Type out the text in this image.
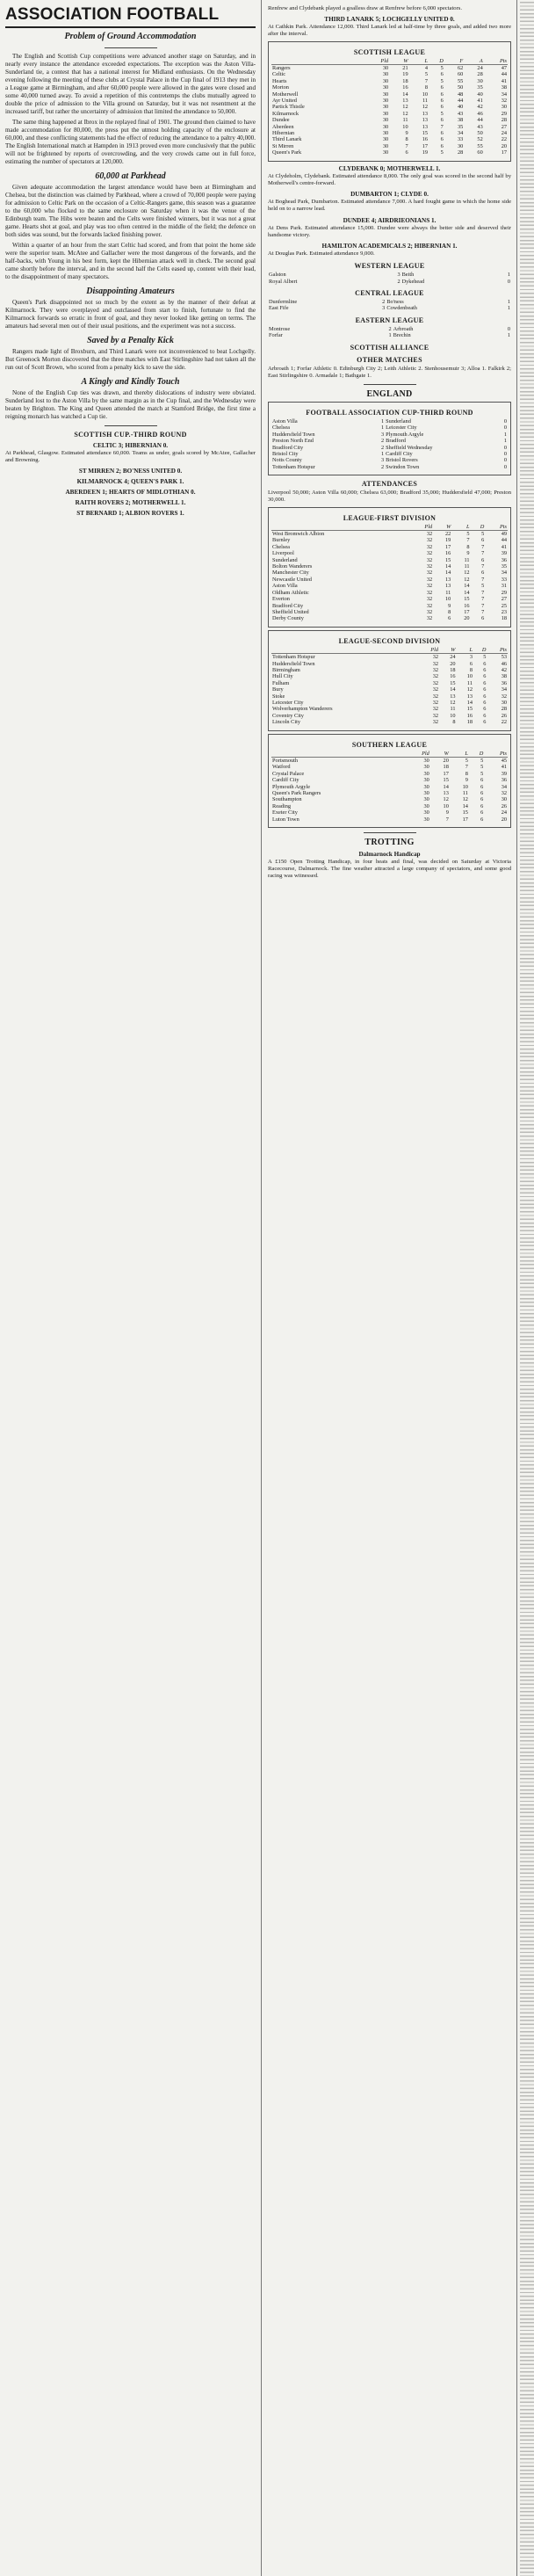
ASSOCIATION FOOTBALL
Problem of Ground Accommodation

The English and Scottish Cup competitions were advanced another stage on Saturday, and in nearly every instance the attendance exceeded expectations. The exception was the Aston Villa-Sunderland tie, a contest that has a national interest for Midland enthusiasts. On the Wednesday evening following the meeting of these clubs at Crystal Palace in the Cup final of 1913 they met in a League game at Birmingham, and after 60,000 people were allowed in the gates were closed and some 40,000 turned away. To avoid a repetition of this contretemps the clubs mutually agreed to double the price of admission to the Villa ground on Saturday, but it was not resentment at the increased tariff, but rather the uncertainty of admission that limited the attendance to 50,000.

The same thing happened at Ibrox in the replayed final of 1901. The ground then claimed to have made accommodation for 80,000, the press put the utmost holding capacity of the enclosure at 60,000, and these conflicting statements had the effect of reducing the attendance to a paltry 40,000. The English International match at Hampden in 1913 proved even more conclusively that the public will not be frightened by reports of overcrowding, and the very crowds came out in full force, estimating the number of spectators at 120,000.

60,000 at Parkhead

Given adequate accommodation the largest attendance would have been at Birmingham and Chelsea, but the distinction was claimed by Parkhead, where a crowd of 70,000 people were paying for admission to Celtic Park on the occasion of a Celtic-Rangers game, this season was a guarantee to the 60,000 who flocked to the same enclosure on Saturday when it was the venue of the Edinburgh team. The Hibs were beaten and the Celts were finished winners, but it was not a great game. Hearts shot at goal, and play was too often centred in the middle of the field; the defence on both sides was sound, but the forwards lacked finishing power.

Within a quarter of an hour from the start Celtic had scored, and from that point the home side were the superior team. McAtee and Gallacher were the most dangerous of the forwards, and the half-backs, with Young in his best form, kept the Hibernian attack well in check. The second goal came shortly before the interval, and in the second half the Celts eased up, content with their lead, to the disappointment of many spectators.

Disappointing Amateurs

Queen's Park disappointed not so much by the extent as by the manner of their defeat at Kilmarnock. They were overplayed and outclassed from start to finish, fortunate to find the Kilmarnock forwards so erratic in front of goal, and they never looked like getting on terms. The amateurs had several men out of their usual positions, and the experiment was not a success.

Saved by a Penalty Kick

Rangers made light of Broxburn, and Third Lanark were not inconvenienced to beat Lochgelly. But Greenock Morton discovered that the three matches with East Stirlingshire had not taken all the run out of Scott Brown, who scored from a penalty kick to save the side.

A Kingly and Kindly Touch

None of the English Cup ties was drawn, and thereby dislocations of industry were obviated. Sunderland lost to the Aston Villa by the same margin as in the Cup final, and the Wednesday were beaten by Brighton. The King and Queen attended the match at Stamford Bridge, the first time a reigning monarch has watched a Cup tie.

SCOTTISH CUP.-THIRD ROUND
CELTIC 3; HIBERNIAN 0.

At Parkhead, Glasgow. Estimated attendance 60,000. Teams as under, goals scored by McAtee, Gallacher and Browning.

ST MIRREN 2; BO'NESS UNITED 0.
KILMARNOCK 4; QUEEN'S PARK 1.
ABERDEEN 1; HEARTS OF MIDLOTHIAN 0.
RAITH ROVERS 2; MOTHERWELL 1.
ST BERNARD 1; ALBION ROVERS 1.

Renfrew and Clydebank played a goalless draw at Renfrew before 6,000 spectators.

THIRD LANARK 5; LOCHGELLY UNITED 0.

At Cathkin Park. Attendance 12,000. Third Lanark led at half-time by three goals, and added two more after the interval.

SCOTTISH LEAGUE
	Pld	W	L	D	F	A	Pts
Rangers	30	21	4	5	62	24	47
Celtic	30	19	5	6	60	28	44
Hearts	30	18	7	5	55	30	41
Morton	30	16	8	6	50	35	38
Motherwell	30	14	10	6	48	40	34
Ayr United	30	13	11	6	44	41	32
Partick Thistle	30	12	12	6	40	42	30
Kilmarnock	30	12	13	5	43	46	29
Dundee	30	11	13	6	38	44	28
Aberdeen	30	10	13	7	35	43	27
Hibernian	30	9	15	6	34	50	24
Third Lanark	30	8	16	6	33	52	22
St Mirren	30	7	17	6	30	55	20
Queen's Park	30	6	19	5	28	60	17
CLYDEBANK 0; MOTHERWELL 1.

At Clydeholm, Clydebank. Estimated attendance 8,000. The only goal was scored in the second half by Motherwell's centre-forward.

DUMBARTON 1; CLYDE 0.

At Boghead Park, Dumbarton. Estimated attendance 7,000. A hard fought game in which the home side held on to a narrow lead.

DUNDEE 4; AIRDRIEONIANS 1.

At Dens Park. Estimated attendance 15,000. Dundee were always the better side and deserved their handsome victory.

HAMILTON ACADEMICALS 2; HIBERNIAN 1.

At Douglas Park. Estimated attendance 9,000.

WESTERN LEAGUE
Galston	3	Beith	1
Royal Albert	2	Dykehead	0
CENTRAL LEAGUE
Dunfermline	2	Bo'ness	1
East Fife	3	Cowdenbeath	1
EASTERN LEAGUE
Montrose	2	Arbroath	0
Forfar	1	Brechin	1
SCOTTISH ALLIANCE
OTHER MATCHES

Arbroath 1; Forfar Athletic 0. Edinburgh City 2; Leith Athletic 2. Stenhousemuir 3; Alloa 1. Falkirk 2; East Stirlingshire 0. Armadale 1; Bathgate 1.

ENGLAND
FOOTBALL ASSOCIATION CUP-THIRD ROUND
Aston Villa	1	Sunderland	0
Chelsea	1	Leicester City	0
Huddersfield Town	3	Plymouth Argyle	1
Preston North End	2	Bradford	1
Bradford City	2	Sheffield Wednesday	0
Bristol City	1	Cardiff City	0
Notts County	3	Bristol Rovers	0
Tottenham Hotspur	2	Swindon Town	0
ATTENDANCES

Liverpool 50,000; Aston Villa 60,000; Chelsea 63,000; Bradford 35,000; Huddersfield 47,000; Preston 30,000.

LEAGUE-FIRST DIVISION
	Pld	W	L	D	Pts
West Bromwich Albion	32	22	5	5	49
Burnley	32	19	7	6	44
Chelsea	32	17	8	7	41
Liverpool	32	16	9	7	39
Sunderland	32	15	11	6	36
Bolton Wanderers	32	14	11	7	35
Manchester City	32	14	12	6	34
Newcastle United	32	13	12	7	33
Aston Villa	32	13	14	5	31
Oldham Athletic	32	11	14	7	29
Everton	32	10	15	7	27
Bradford City	32	9	16	7	25
Sheffield United	32	8	17	7	23
Derby County	32	6	20	6	18
LEAGUE-SECOND DIVISION
	Pld	W	L	D	Pts
Tottenham Hotspur	32	24	3	5	53
Huddersfield Town	32	20	6	6	46
Birmingham	32	18	8	6	42
Hull City	32	16	10	6	38
Fulham	32	15	11	6	36
Bury	32	14	12	6	34
Stoke	32	13	13	6	32
Leicester City	32	12	14	6	30
Wolverhampton Wanderers	32	11	15	6	28
Coventry City	32	10	16	6	26
Lincoln City	32	8	18	6	22
SOUTHERN LEAGUE
	Pld	W	L	D	Pts
Portsmouth	30	20	5	5	45
Watford	30	18	7	5	41
Crystal Palace	30	17	8	5	39
Cardiff City	30	15	9	6	36
Plymouth Argyle	30	14	10	6	34
Queen's Park Rangers	30	13	11	6	32
Southampton	30	12	12	6	30
Reading	30	10	14	6	26
Exeter City	30	9	15	6	24
Luton Town	30	7	17	6	20
TROTTING
Dalmarnock Handicap

A £150 Open Trotting Handicap, in four heats and final, was decided on Saturday at Victoria Racecourse, Dalmarnock. The fine weather attracted a large company of spectators, and some good racing was witnessed.
